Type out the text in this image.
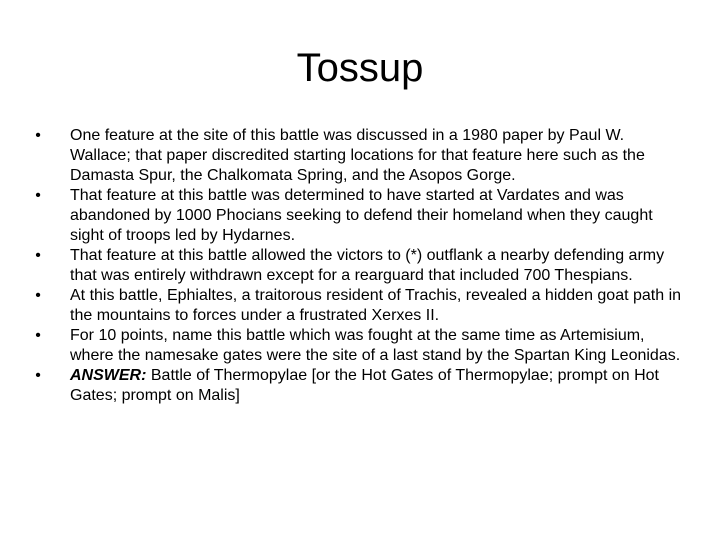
Tossup
• One feature at the site of this battle was discussed in a 1980 paper by Paul W. Wallace; that paper discredited starting locations for that feature here such as the Damasta Spur, the Chalkomata Spring, and the Asopos Gorge.
• That feature at this battle was determined to have started at Vardates and was abandoned by 1000 Phocians seeking to defend their homeland when they caught sight of troops led by Hydarnes.
• That feature at this battle allowed the victors to (*) outflank a nearby defending army that was entirely withdrawn except for a rearguard that included 700 Thespians.
• At this battle, Ephialtes, a traitorous resident of Trachis, revealed a hidden goat path in the mountains to forces under a frustrated Xerxes II.
• For 10 points, name this battle which was fought at the same time as Artemisium, where the namesake gates were the site of a last stand by the Spartan King Leonidas.
• ANSWER: Battle of Thermopylae [or the Hot Gates of Thermopylae; prompt on Hot Gates; prompt on Malis]
